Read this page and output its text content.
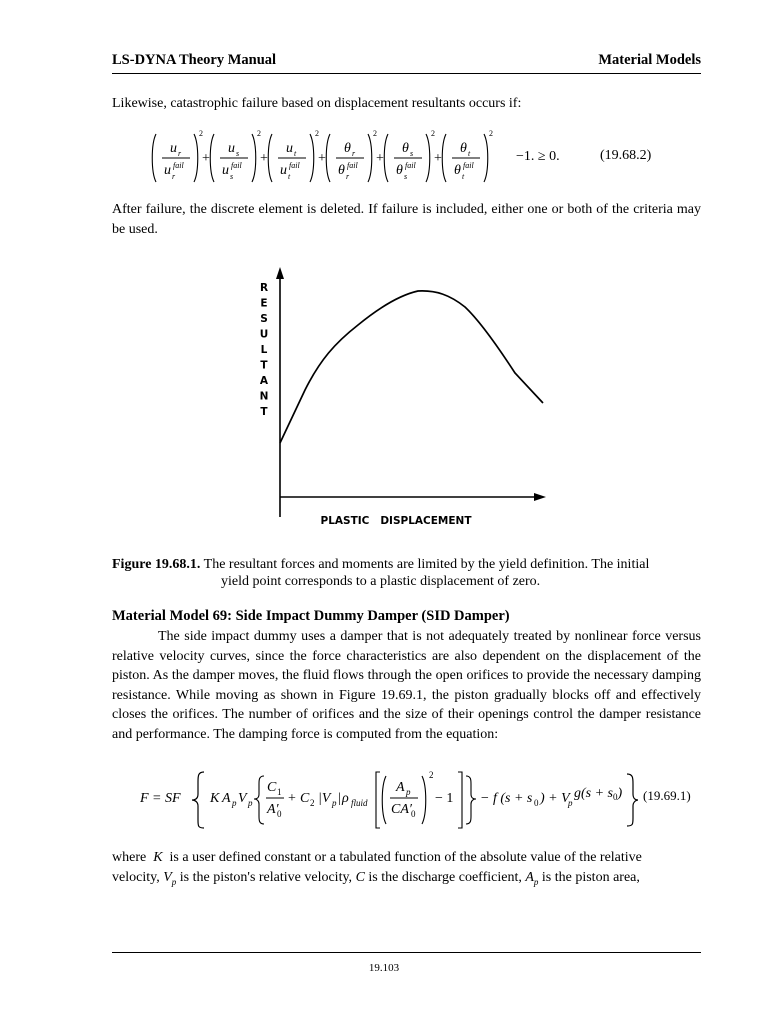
LS-DYNA Theory Manual	Material Models

Likewise, catastrophic failure based on displacement resultants occurs if:

u r
u r
fail
2
+
u s
u s
fail
2
+
u t
u t
fail
2
+
θ r
θ r
fail
2
+
θ s
θ s
fail
2
+
θ t
θ t
fail
2
−1. ≥ 0.	(19.68.2)

After failure, the discrete element is deleted. If failure is included, either one or both of the criteria may be used.

R
E
S
U
L
T
A
N
T
PLASTIC   DISPLACEMENT
Figure 19.68.1. The resultant forces and moments are limited by the yield definition. The initial
yield point corresponds to a plastic displacement of zero.
Material Model 69: Side Impact Dummy Damper (SID Damper)

The side impact dummy uses a damper that is not adequately treated by nonlinear force versus relative velocity curves, since the force characteristics are also dependent on the displacement of the piston. As the damper moves, the fluid flows through the open orifices to provide the necessary damping resistance. While moving as shown in Figure 19.69.1, the piston gradually blocks off and effectively closes the orifices. The number of orifices and the size of their openings control the damper resistance and performance. The damping force is computed from the equation:

F = SF K A p V p
C 1
A′
0
+ C 2 |V p | ρ fluid
A p
CA′ 0
2
− 1 − f (s + s 0 ) + V
p
$g(s + s_0)$ (19.69.1)
where K is a user defined constant or a tabulated function of the absolute value of the relative
velocity, $V_p$ is the piston's relative velocity, C is the discharge coefficient, $A_p$ is the piston area,
19.103
